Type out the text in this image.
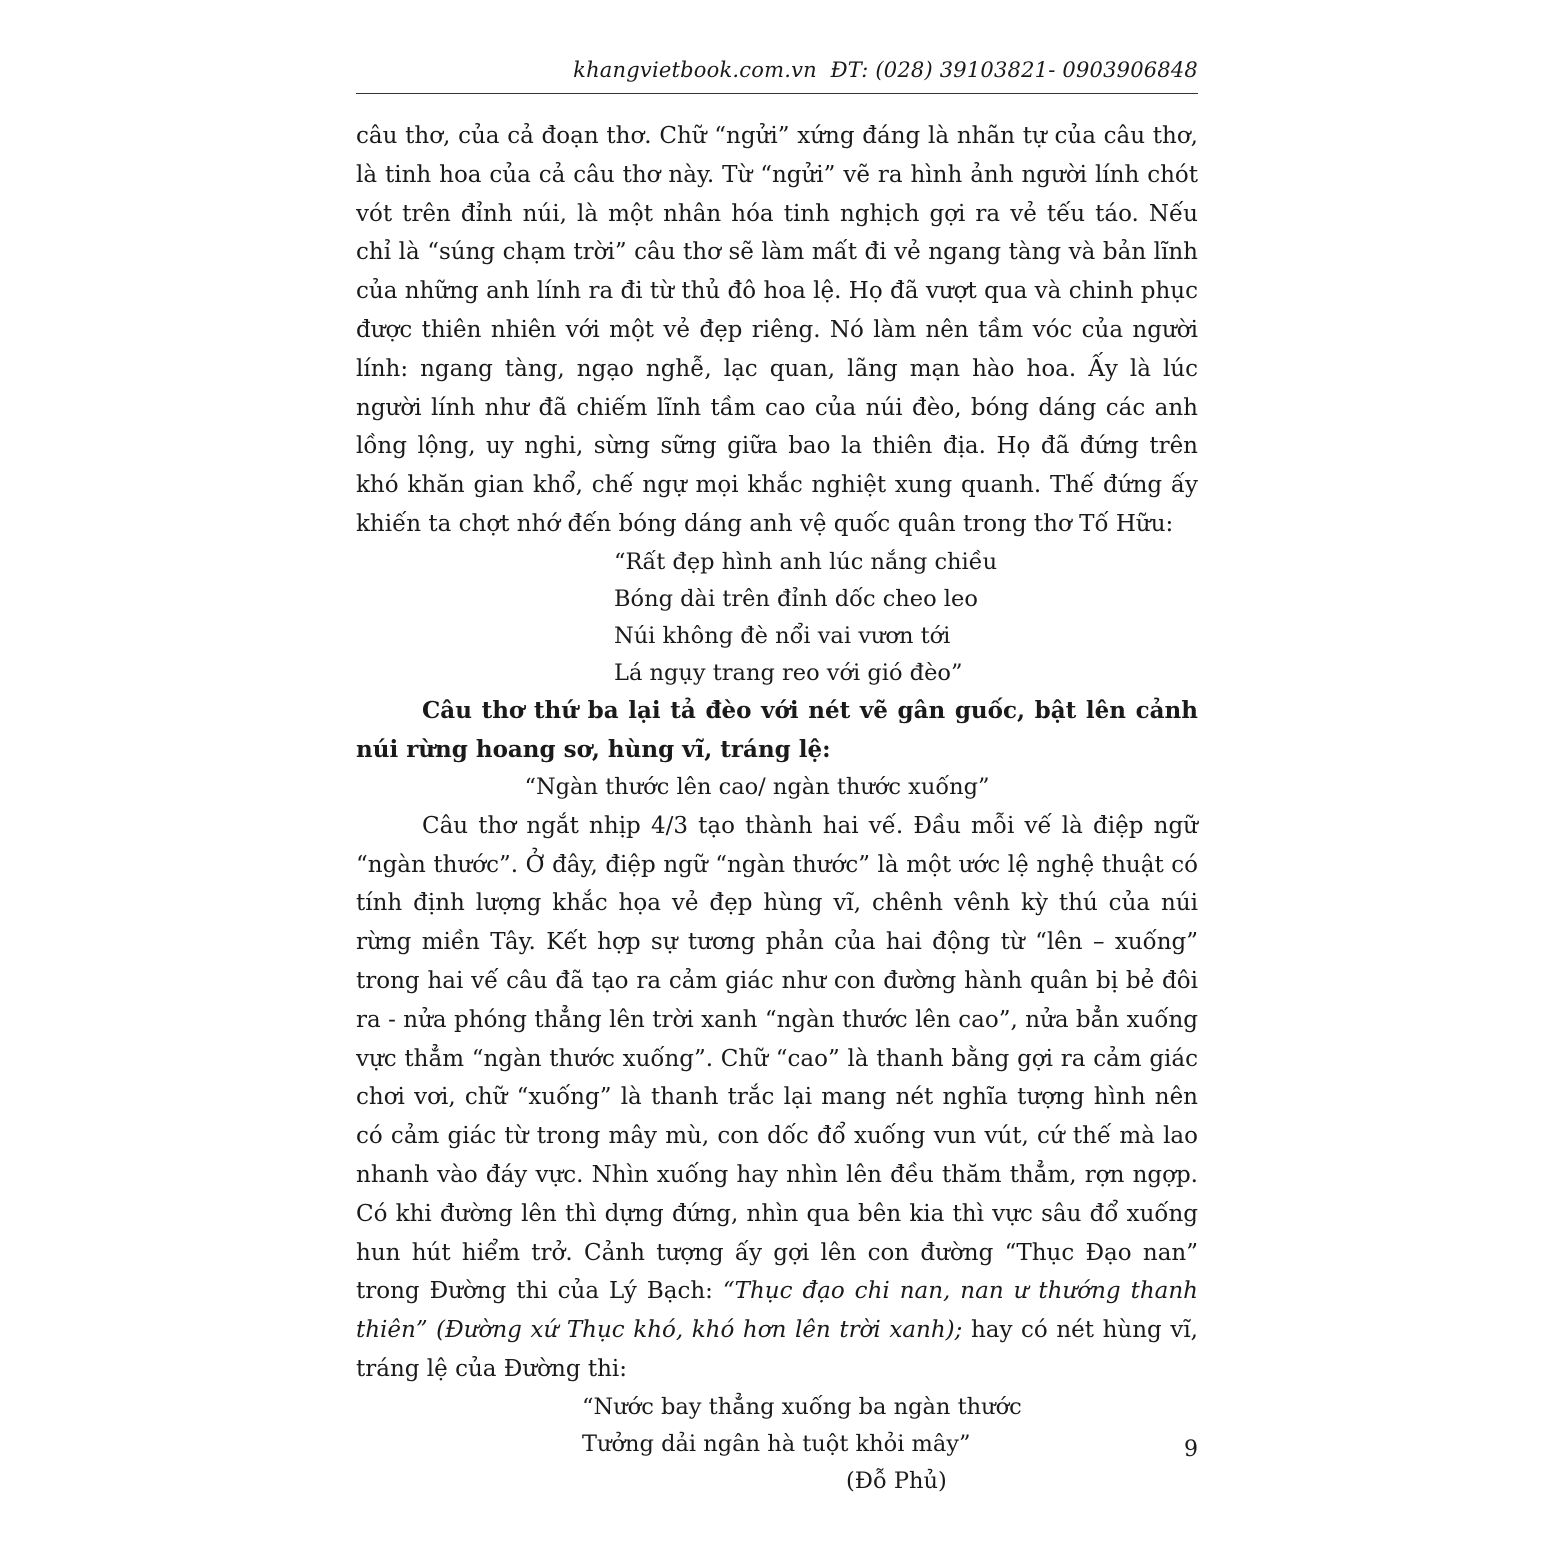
khangvietbook.com.vn ĐT: (028) 39103821- 0903906848

câu thơ, của cả đoạn thơ. Chữ “ngửi” xứng đáng là nhãn tự của câu thơ, là tinh hoa của cả câu thơ này. Từ “ngửi” vẽ ra hình ảnh người lính chót vót trên đỉnh núi, là một nhân hóa tinh nghịch gợi ra vẻ tếu táo. Nếu chỉ là “súng chạm trời” câu thơ sẽ làm mất đi vẻ ngang tàng và bản lĩnh của những anh lính ra đi từ thủ đô hoa lệ. Họ đã vượt qua và chinh phục được thiên nhiên với một vẻ đẹp riêng. Nó làm nên tầm vóc của người lính: ngang tàng, ngạo nghễ, lạc quan, lãng mạn hào hoa. Ấy là lúc người lính như đã chiếm lĩnh tầm cao của núi đèo, bóng dáng các anh lồng lộng, uy nghi, sừng sững giữa bao la thiên địa. Họ đã đứng trên khó khăn gian khổ, chế ngự mọi khắc nghiệt xung quanh. Thế đứng ấy khiến ta chợt nhớ đến bóng dáng anh vệ quốc quân trong thơ Tố Hữu:

“Rất đẹp hình anh lúc nắng chiều

Bóng dài trên đỉnh dốc cheo leo

Núi không đè nổi vai vươn tới

Lá ngụy trang reo với gió đèo”

Câu thơ thứ ba lại tả đèo với nét vẽ gân guốc, bật lên cảnh núi rừng hoang sơ, hùng vĩ, tráng lệ:

“Ngàn thước lên cao/ ngàn thước xuống”

Câu thơ ngắt nhịp 4/3 tạo thành hai vế. Đầu mỗi vế là điệp ngữ “ngàn thước”. Ở đây, điệp ngữ “ngàn thước” là một ước lệ nghệ thuật có tính định lượng khắc họa vẻ đẹp hùng vĩ, chênh vênh kỳ thú của núi rừng miền Tây. Kết hợp sự tương phản của hai động từ “lên – xuống” trong hai vế câu đã tạo ra cảm giác như con đường hành quân bị bẻ đôi ra - nửa phóng thẳng lên trời xanh “ngàn thước lên cao”, nửa bẳn xuống vực thẳm “ngàn thước xuống”. Chữ “cao” là thanh bằng gợi ra cảm giác chơi vơi, chữ “xuống” là thanh trắc lại mang nét nghĩa tượng hình nên có cảm giác từ trong mây mù, con dốc đổ xuống vun vút, cứ thế mà lao nhanh vào đáy vực. Nhìn xuống hay nhìn lên đều thăm thẳm, rợn ngợp. Có khi đường lên thì dựng đứng, nhìn qua bên kia thì vực sâu đổ xuống hun hút hiểm trở. Cảnh tượng ấy gợi lên con đường “Thục Đạo nan” trong Đường thi của Lý Bạch: “Thục đạo chi nan, nan ư thướng thanh thiên” (Đường xứ Thục khó, khó hơn lên trời xanh); hay có nét hùng vĩ, tráng lệ của Đường thi:

“Nước bay thẳng xuống ba ngàn thước

Tưởng dải ngân hà tuột khỏi mây”

(Đỗ Phủ)

9
